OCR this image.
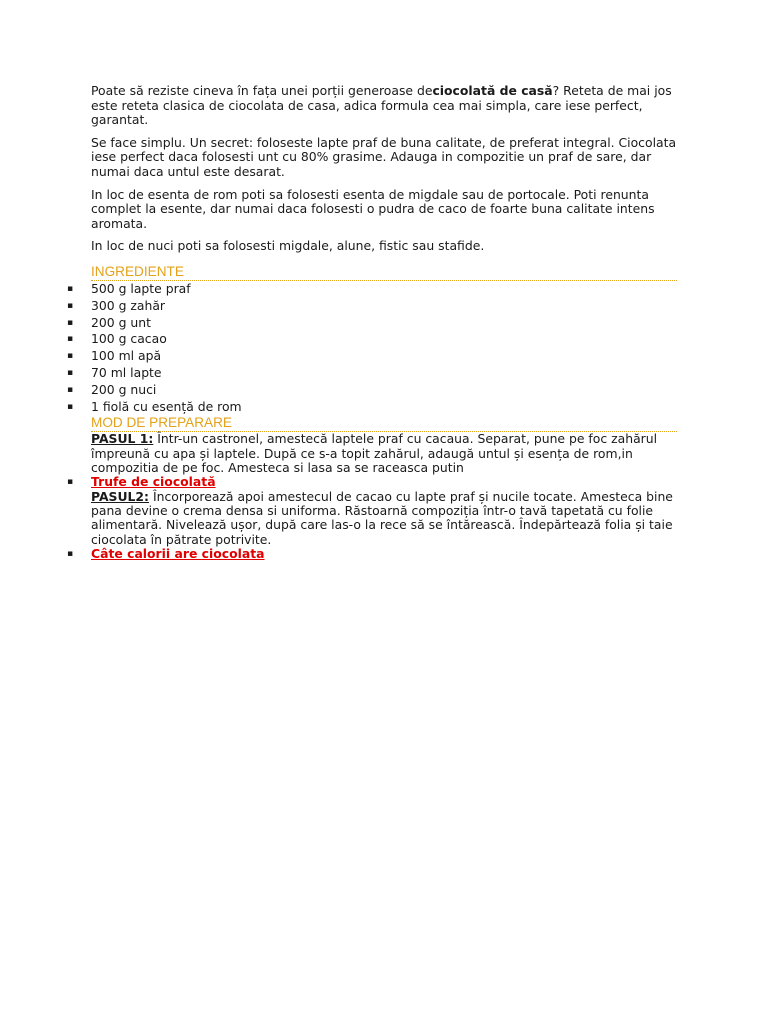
Poate să reziste cineva în fața unei porții generoase deciocolată de casă? Reteta de mai jos este reteta clasica de ciocolata de casa, adica formula cea mai simpla, care iese perfect, garantat.

Se face simplu. Un secret: foloseste lapte praf de buna calitate, de preferat integral. Ciocolata iese perfect daca folosesti unt cu 80% grasime. Adauga in compozitie un praf de sare, dar numai daca untul este desarat.

In loc de esenta de rom poti sa folosesti esenta de migdale sau de portocale. Poti renunta complet la esente, dar numai daca folosesti o pudra de caco de foarte buna calitate intens aromata.

In loc de nuci poti sa folosesti migdale, alune, fistic sau stafide.

INGREDIENTE
▪ 500 g lapte praf
▪ 300 g zahăr
▪ 200 g unt
▪ 100 g cacao
▪ 100 ml apă
▪ 70 ml lapte
▪ 200 g nuci
▪ 1 fiolă cu esență de rom
MOD DE PREPARARE
PASUL 1: Într-un castronel, amestecă laptele praf cu cacaua. Separat, pune pe foc zahărul împreună cu apa și laptele. După ce s-a topit zahărul, adaugă untul și esența de rom,in compozitia de pe foc. Amesteca si lasa sa se raceasca putin
▪ Trufe de ciocolată
PASUL2: Încorporează apoi amestecul de cacao cu lapte praf și nucile tocate. Amesteca bine pana devine o crema densa si uniforma. Răstoarnă compoziția într-o tavă tapetată cu folie alimentară. Nivelează ușor, după care las-o la rece să se întărească. Îndepărtează folia și taie ciocolata în pătrate potrivite.
▪ Câte calorii are ciocolata
